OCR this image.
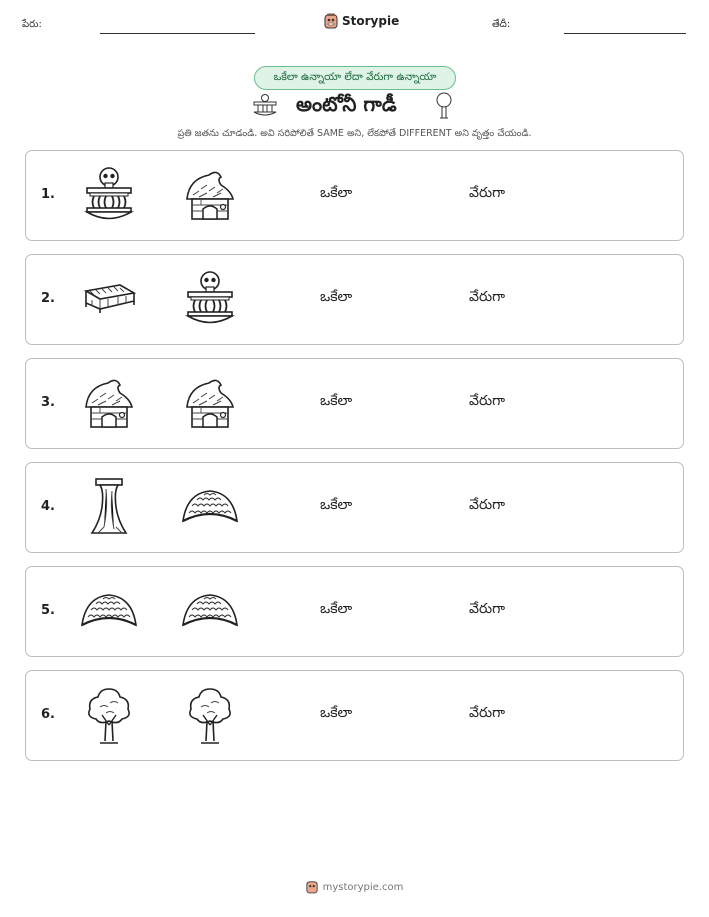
పేరు:	Storypie	తేదీ:
ఒకేలా ఉన్నాయా లేదా వేరుగా ఉన్నాయా
అంటోనీ గాడీ
ప్రతి జతను చూడండి. అవి సరిపోలితే SAME అని, లేకపోతే DIFFERENT అని వృత్తం చేయండి.
1.	ఒకేలా	వేరుగా
2.	ఒకేలా	వేరుగా
3.	ఒకేలా	వేరుగా
4.	ఒకేలా	వేరుగా
5.	ఒకేలా	వేరుగా
6.	ఒకేలా	వేరుగా
mystorypie.com
